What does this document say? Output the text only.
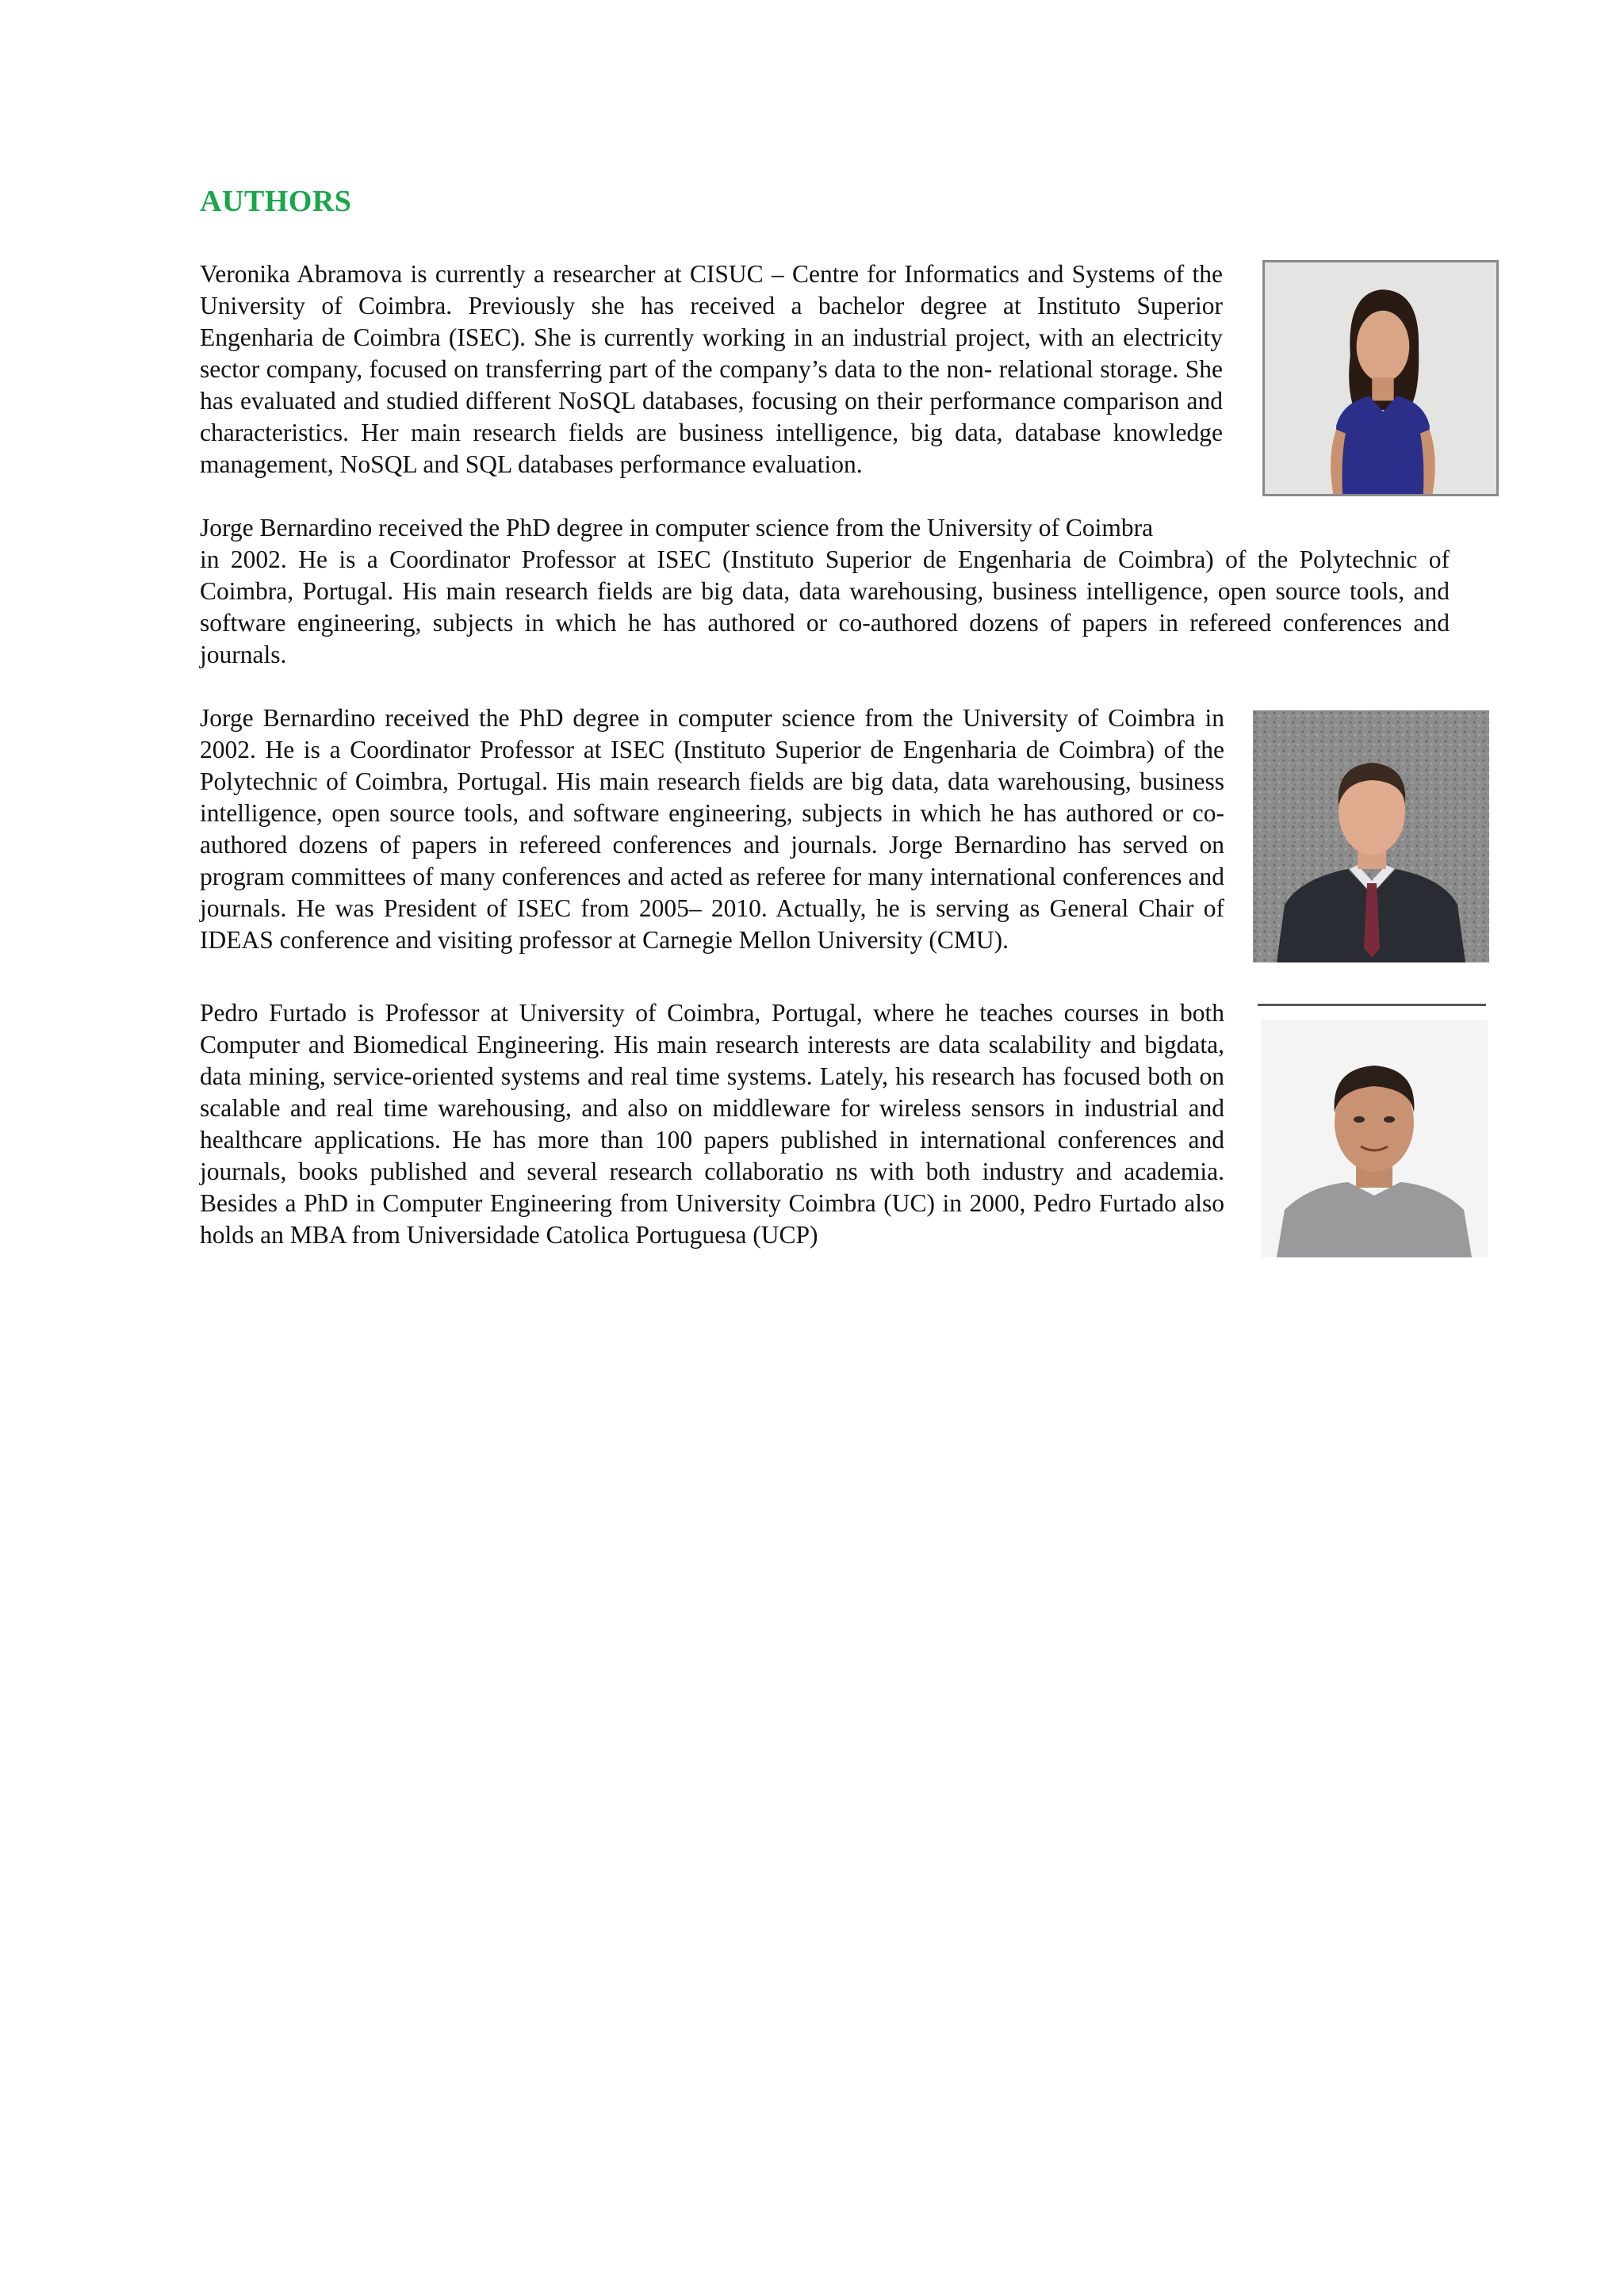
AUTHORS

Veronika Abramova is currently a researcher at CISUC – Centre for Informatics and Systems of the University of Coimbra. Previously she has received a bachelor degree at Instituto Superior Engenharia de Coimbra (ISEC). She is currently working in an industrial project, with an electricity sector company, focused on transferring part of the company’s data to the non- relational storage. She has evaluated and studied different NoSQL databases, focusing on their performance comparison and characteristics. Her main research fields are business intelligence, big data, database knowledge management, NoSQL and SQL databases performance evaluation.

Jorge Bernardino received the PhD degree in computer science from the University of Coimbra

in 2002. He is a Coordinator Professor at ISEC (Instituto Superior de Engenharia de Coimbra) of the Polytechnic of Coimbra, Portugal. His main research fields are big data, data warehousing, business intelligence, open source tools, and software engineering, subjects in which he has authored or co-authored dozens of papers in refereed conferences and journals.

Jorge Bernardino received the PhD degree in computer science from the University of Coimbra in 2002. He is a Coordinator Professor at ISEC (Instituto Superior de Engenharia de Coimbra) of the Polytechnic of Coimbra, Portugal. His main research fields are big data, data warehousing, business intelligence, open source tools, and software engineering, subjects in which he has authored or co-authored dozens of papers in refereed conferences and journals. Jorge Bernardino has served on program committees of many conferences and acted as referee for many international conferences and journals. He was President of ISEC from 2005– 2010. Actually, he is serving as General Chair of IDEAS conference and visiting professor at Carnegie Mellon University (CMU).

Pedro Furtado is Professor at University of Coimbra, Portugal, where he teaches courses in both Computer and Biomedical Engineering. His main research interests are data scalability and bigdata, data mining, service-oriented systems and real time systems. Lately, his research has focused both on scalable and real time warehousing, and also on middleware for wireless sensors in industrial and healthcare applications. He has more than 100 papers published in international conferences and journals, books published and several research collaboratio ns with both industry and academia. Besides a PhD in Computer Engineering from University Coimbra (UC) in 2000, Pedro Furtado also holds an MBA from Universidade Catolica Portuguesa (UCP)
